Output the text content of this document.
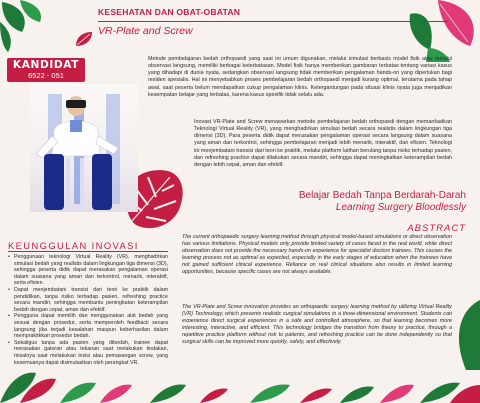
KESEHATAN DAN OBAT-OBATAN
VR-Plate and Screw
KANDIDAT
6522 - 051

Metode pembelajaran bedah orthopaedi yang saat ini umum digunakan, melalui simulasi berbasis model fisik atau melalui observasi langsung, memiliki berbagai keterbatasan. Model fisik hanya memberikan gambaran terbatas tentang variasi kasus yang dihadapi di dunia nyata, sedangkan observasi langsung tidak memberikan pengalaman hands-on yang diperlukan bagi residen spesialis. Hal ini menyebabkan proses pembelajaran bedah orthopaedi menjadi kurang optimal, terutama pada tahap awal, saat peserta belum mendapatkan cukup pengalaman klinis. Ketergantungan pada situasi klinis nyata juga menjadikan kesempatan belajar yang terbatas, karena kasus spesifik tidak selalu ada.

Inovasi VR-Plate and Screw menawarkan metode pembelajaran bedah orthopaedi dengan memanfaatkan Teknologi Virtual Reality (VR), yang menghadirkan simulasi bedah secara realistis dalam lingkungan tiga dimensi (3D). Para peserta didik dapat merasakan pengalaman operasi secara langsung dalam suasana yang aman dan terkontrol, sehingga pembelajaran menjadi lebih menarik, interaktif, dan efisien. Teknologi ini menjembatani transisi dari teori ke praktik, melalui platform latihan berulang tanpa risiko terhadap pasien, dan refreshing practice dapat dilakukan secara mandiri, sehingga dapat meningkatkan keterampilan bedah dengan lebih cepat, aman dan efektif.

Belajar Bedah Tanpa Berdarah-Darah
Learning Surgery Bloodlessly
ABSTRACT

The current orthopaedic surgery learning method through physical model-based simulations or direct observation has various limitations. Physical models only provide limited variety of cases faced in the real world, while direct observation does not provide the necessary hands-on experience for specialist doctors trainees. This causes the learning process not as optimal as expected, especially in the early stages of education when the trainees have not gained sufficient clinical experience. Reliance on real clinical situations also results in limited learning opportunities, because specific cases are not always available.

The VR-Plate and Screw innovation provides an orthopaedic surgery learning method by utilizing Virtual Reality (VR) Technology, which presents realistic surgical simulations in a three-dimensional environment. Students can experience direct surgical experiences in a safe and controlled atmosphere, so that learning becomes more interesting, interactive, and efficient. This technology bridges the transition from theory to practice, through a repetitive practice platform without risk to patients, and refreshing practice can be done independently so that surgical skills can be improved more quickly, safely, and effectively.

KEUNGGULAN INOVASI
• Penggunaan teknologi Virtual Reality (VR), menghadirkan simulasi bedah yang realistis dalam lingkungan tiga dimensi (3D), sehingga peserta didik dapat merasakan pengalaman operasi dalam suasana yang aman dan terkontrol, menarik, interaktif, serta efisien.
• Dapat menjembatani transisi dari teori ke praktik dalam pendidikan, tanpa risiko terhadap pasien, refreshing practice secara mandiri, sehingga membantu peningkatan keterampilan bedah dengan cepat, aman dan efektif.
• Pengguna dapat memilih dan menggunakan alat bedah yang sesuai dengan prosedur, serta memperoleh feedback secara langsung jika terjadi kesalahan maupun keberhasilan dalam memprakitkkan prosedur bedah.
• Sekaligus tanpa ada pasien yang dibedah, trainee dapat merasakan gatoran atau tekanan saat melakukan tindakan, misalnya saat melakukan insisi atau pemasangan screw, yang kesemuanya dapat disimulasikan oleh perangkat VR.
